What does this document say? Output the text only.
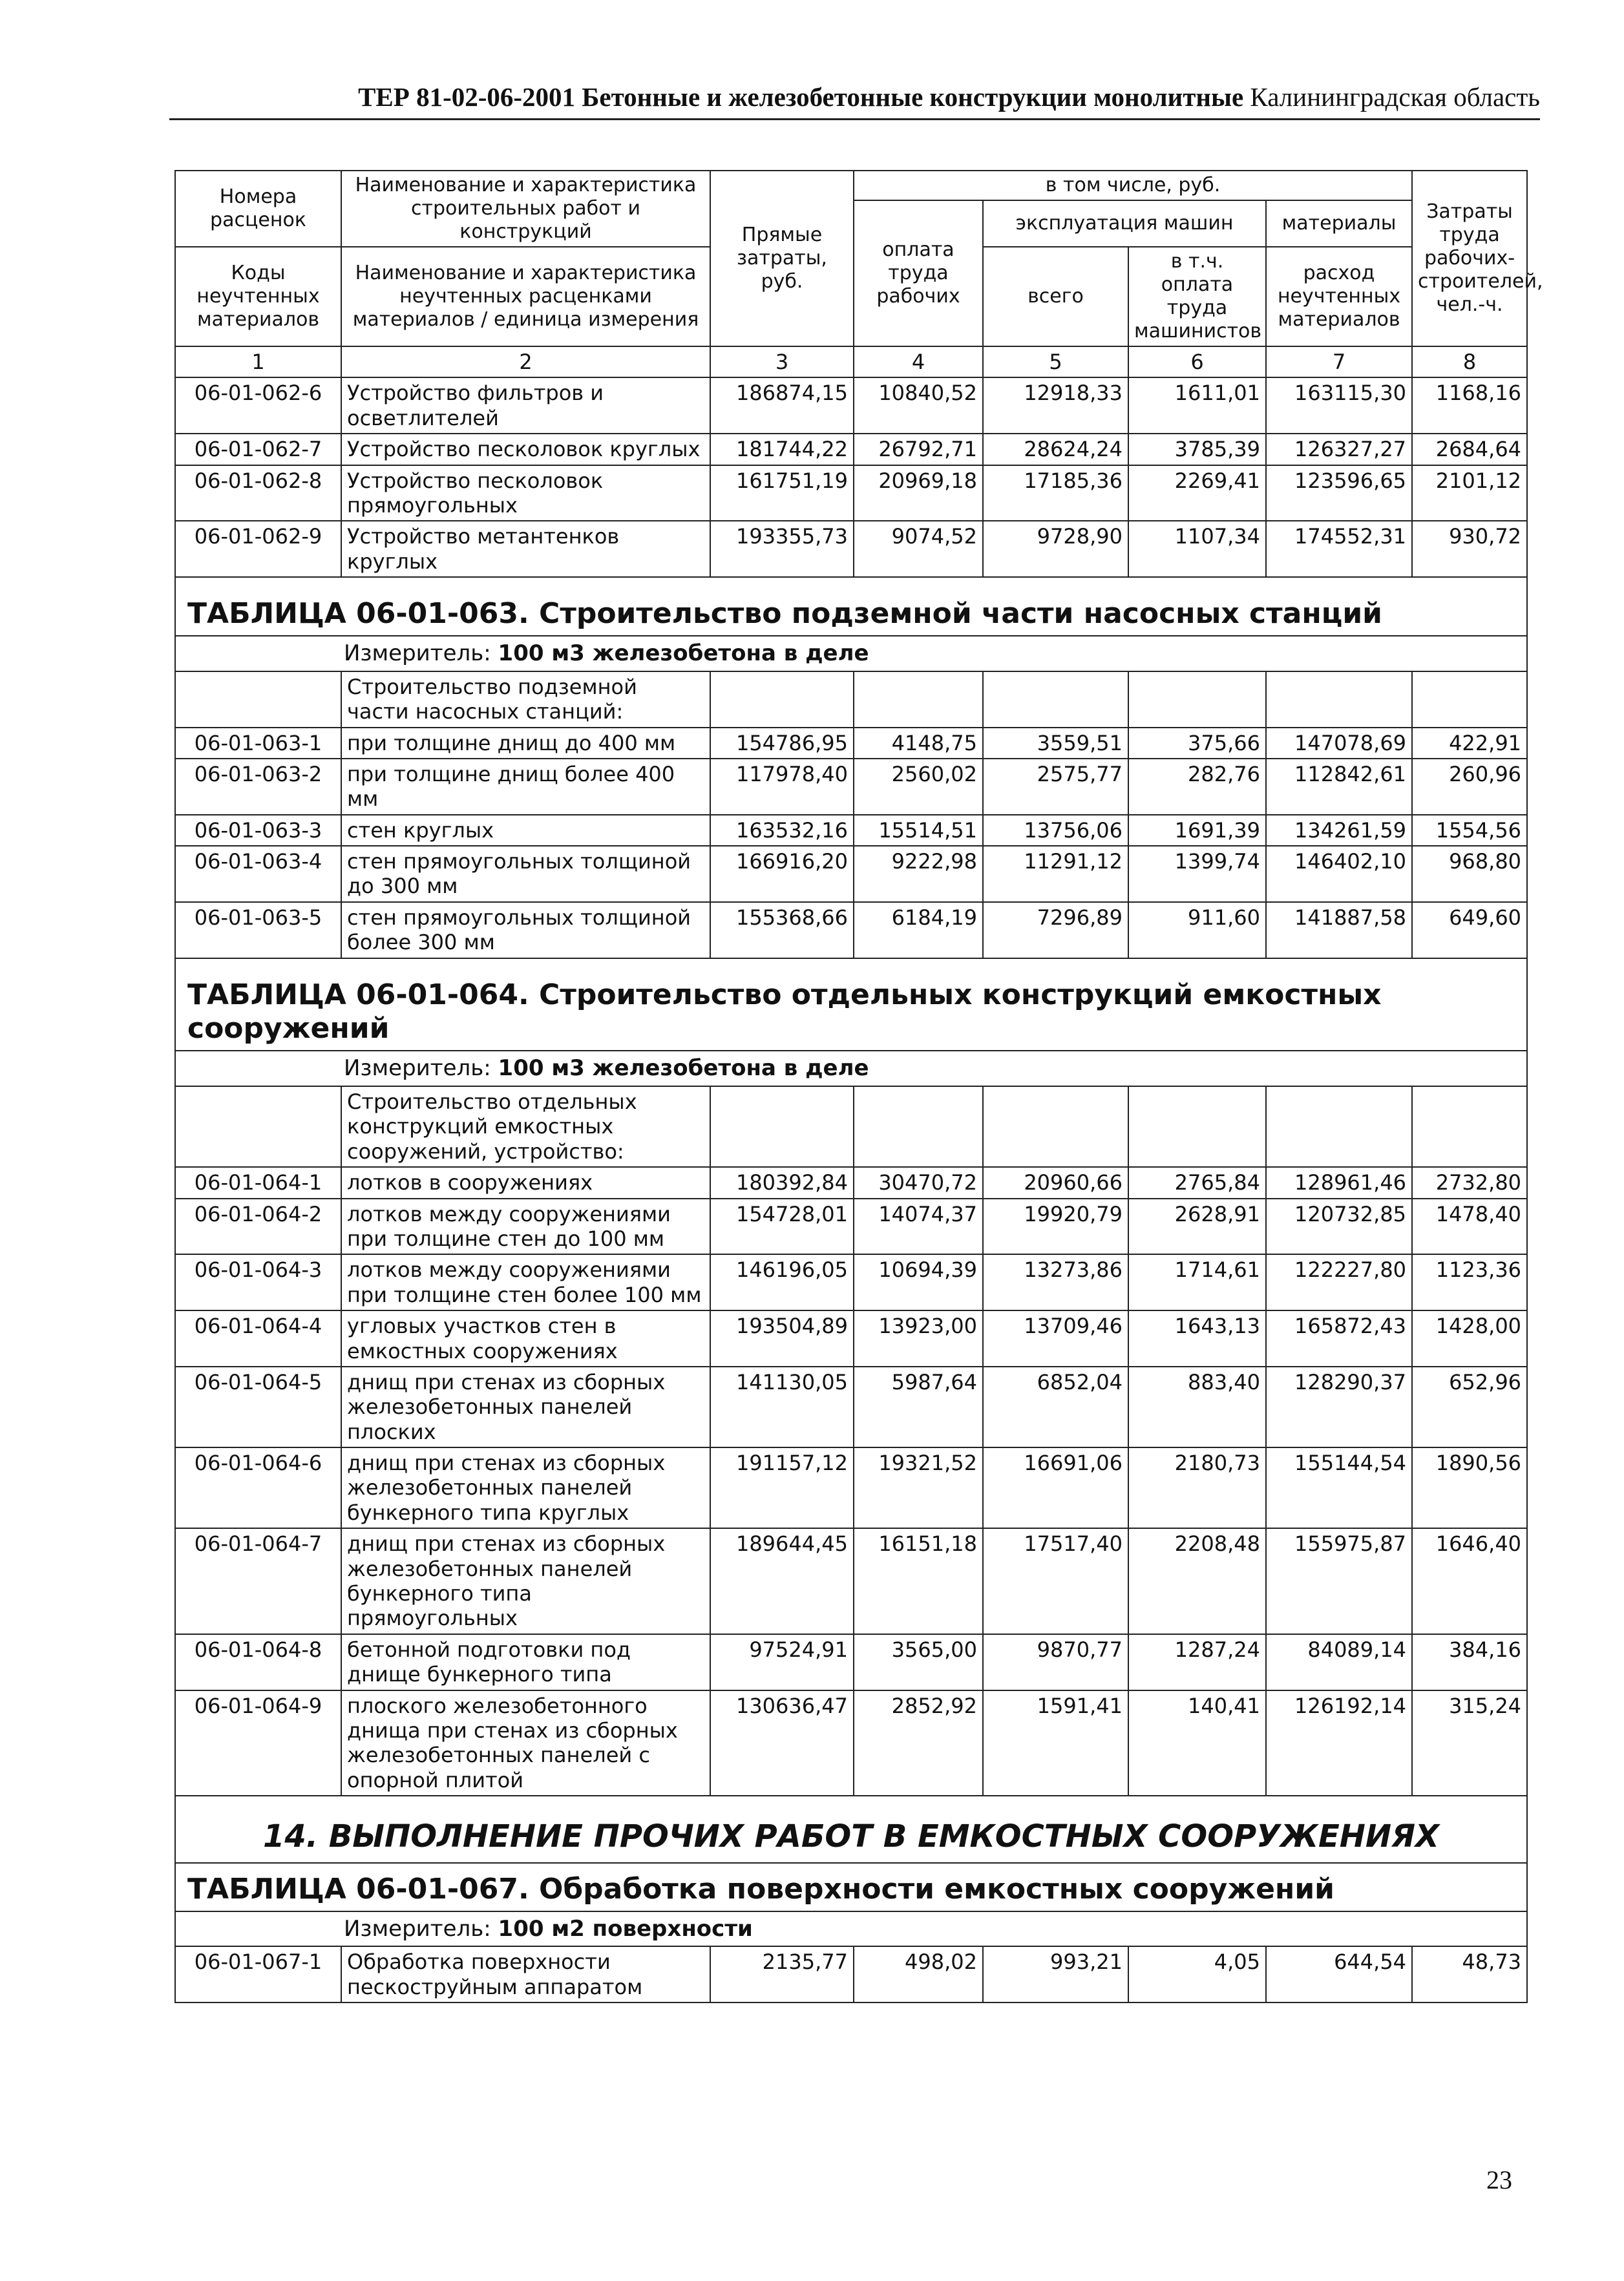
ТЕР 81-02-06-2001 Бетонные и железобетонные конструкции монолитные Калининградская область
Номера расценок	Наименование и характеристика строительных работ и конструкций	Прямые затраты, руб.	в том числе, руб.				Затраты труда рабочих-строителей, чел.-ч.
			оплата труда рабочих	эксплуатация машин		материалы	
Коды неучтенных материалов	Наименование и характеристика неучтенных расценками материалов / единица измерения			всего	в т.ч. оплата труда машинистов	расход неучтенных материалов	

1	2	3	4	5	6	7	8
06-01-062-6	Устройство фильтров и осветлителей	186874,15	10840,52	12918,33	1611,01	163115,30	1168,16
06-01-062-7	Устройство песколовок круглых	181744,22	26792,71	28624,24	3785,39	126327,27	2684,64
06-01-062-8	Устройство песколовок прямоугольных	161751,19	20969,18	17185,36	2269,41	123596,65	2101,12
06-01-062-9	Устройство метантенков круглых	193355,73	9074,52	9728,90	1107,34	174552,31	930,72
ТАБЛИЦА 06-01-063. Строительство подземной части насосных станций							
Измеритель: 100 м3 железобетона в деле							
	Строительство подземной части насосных станций:						
06-01-063-1	при толщине днищ до 400 мм	154786,95	4148,75	3559,51	375,66	147078,69	422,91
06-01-063-2	при толщине днищ более 400 мм	117978,40	2560,02	2575,77	282,76	112842,61	260,96
06-01-063-3	стен круглых	163532,16	15514,51	13756,06	1691,39	134261,59	1554,56
06-01-063-4	стен прямоугольных толщиной до 300 мм	166916,20	9222,98	11291,12	1399,74	146402,10	968,80
06-01-063-5	стен прямоугольных толщиной более 300 мм	155368,66	6184,19	7296,89	911,60	141887,58	649,60
ТАБЛИЦА 06-01-064. Строительство отдельных конструкций емкостных сооружений							
Измеритель: 100 м3 железобетона в деле							
	Строительство отдельных конструкций емкостных сооружений, устройство:						
06-01-064-1	лотков в сооружениях	180392,84	30470,72	20960,66	2765,84	128961,46	2732,80
06-01-064-2	лотков между сооружениями при толщине стен до 100 мм	154728,01	14074,37	19920,79	2628,91	120732,85	1478,40
06-01-064-3	лотков между сооружениями при толщине стен более 100 мм	146196,05	10694,39	13273,86	1714,61	122227,80	1123,36
06-01-064-4	угловых участков стен в емкостных сооружениях	193504,89	13923,00	13709,46	1643,13	165872,43	1428,00
06-01-064-5	днищ при стенах из сборных железобетонных панелей плоских	141130,05	5987,64	6852,04	883,40	128290,37	652,96
06-01-064-6	днищ при стенах из сборных железобетонных панелей бункерного типа круглых	191157,12	19321,52	16691,06	2180,73	155144,54	1890,56
06-01-064-7	днищ при стенах из сборных железобетонных панелей бункерного типа прямоугольных	189644,45	16151,18	17517,40	2208,48	155975,87	1646,40
06-01-064-8	бетонной подготовки под днище бункерного типа	97524,91	3565,00	9870,77	1287,24	84089,14	384,16
06-01-064-9	плоского железобетонного днища при стенах из сборных железобетонных панелей с опорной плитой	130636,47	2852,92	1591,41	140,41	126192,14	315,24
14. ВЫПОЛНЕНИЕ ПРОЧИХ РАБОТ В ЕМКОСТНЫХ СООРУЖЕНИЯХ							
ТАБЛИЦА 06-01-067. Обработка поверхности емкостных сооружений							
Измеритель: 100 м2 поверхности							
06-01-067-1	Обработка поверхности пескоструйным аппаратом	2135,77	498,02	993,21	4,05	644,54	48,73
23
